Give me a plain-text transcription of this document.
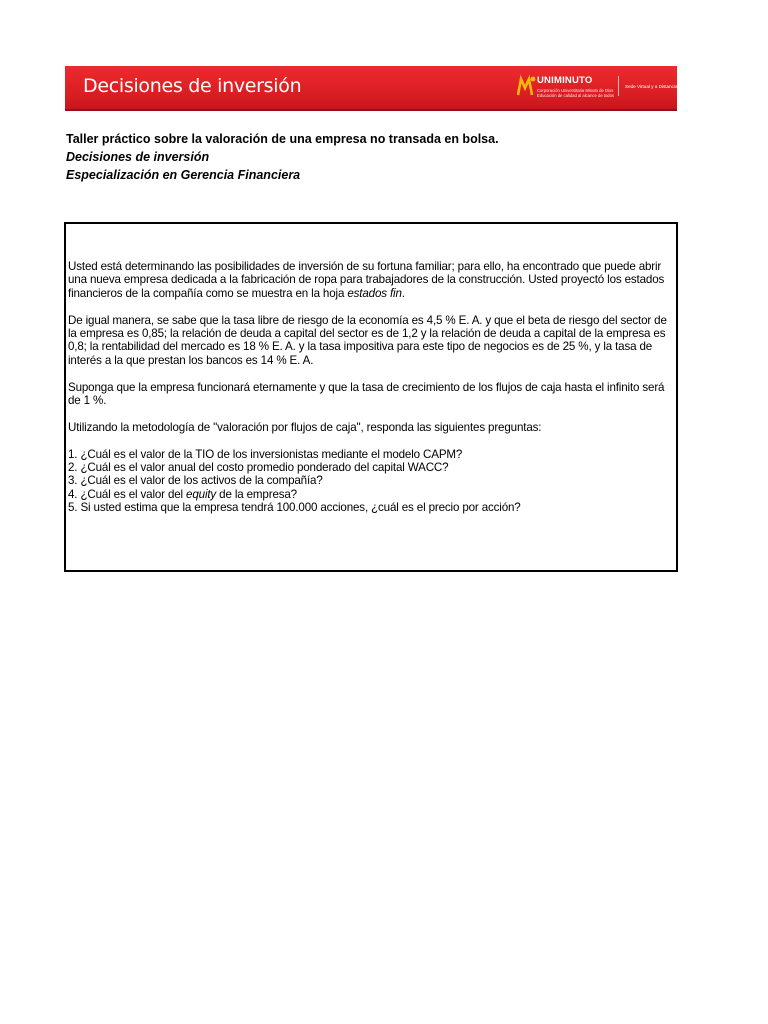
Decisiones de inversión	UNIMINUTO
Corporación Universitaria Minuto de Dios
Educación de calidad al alcance de todos
Sede Virtual y a Distancia
Taller práctico sobre la valoración de una empresa no transada en bolsa.
Decisiones de inversión
Especialización en Gerencia Financiera

Usted está determinando las posibilidades de inversión de su fortuna familiar; para ello, ha encontrado que puede abrir una nueva empresa dedicada a la fabricación de ropa para trabajadores de la construcción. Usted proyectó los estados financieros de la compañía como se muestra en la hoja estados fin.

De igual manera, se sabe que la tasa libre de riesgo de la economía es 4,5 % E. A. y que el beta de riesgo del sector de la empresa es 0,85; la relación de deuda a capital del sector es de 1,2 y la relación de deuda a capital de la empresa es 0,8; la rentabilidad del mercado es 18 % E. A. y la tasa impositiva para este tipo de negocios es de 25 %, y la tasa de interés a la que prestan los bancos es 14 % E. A.

Suponga que la empresa funcionará eternamente y que la tasa de crecimiento de los flujos de caja hasta el infinito será de 1 %.

Utilizando la metodología de "valoración por flujos de caja", responda las siguientes preguntas:

1. ¿Cuál es el valor de la TIO de los inversionistas mediante el modelo CAPM?
2. ¿Cuál es el valor anual del costo promedio ponderado del capital WACC?
3. ¿Cuál es el valor de los activos de la compañía?
4. ¿Cuál es el valor del equity de la empresa?
5. Si usted estima que la empresa tendrá 100.000 acciones, ¿cuál es el precio por acción?
